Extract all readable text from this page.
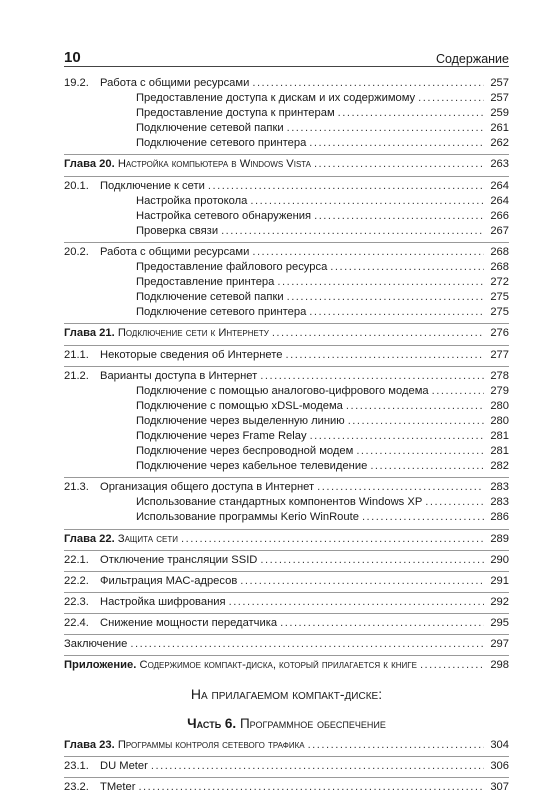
10	Содержание
19.2. Работа с общими ресурсами .....	257
Предоставление доступа к дискам и их содержимому .....	257
Предоставление доступа к принтерам .....	259
Подключение сетевой папки .....	261
Подключение сетевого принтера .....	262
Глава 20. Настройка компьютера в Windows Vista .....	263
20.1. Подключение к сети .....	264
Настройка протокола .....	264
Настройка сетевого обнаружения .....	266
Проверка связи .....	267
20.2. Работа с общими ресурсами .....	268
Предоставление файлового ресурса .....	268
Предоставление принтера .....	272
Подключение сетевой папки .....	275
Подключение сетевого принтера .....	275
Глава 21. Подключение сети к Интернету .....	276
21.1. Некоторые сведения об Интернете .....	277
21.2. Варианты доступа в Интернет .....	278
Подключение с помощью аналогово-цифрового модема .....	279
Подключение с помощью xDSL-модема .....	280
Подключение через выделенную линию .....	280
Подключение через Frame Relay .....	281
Подключение через беспроводной модем .....	281
Подключение через кабельное телевидение .....	282
21.3. Организация общего доступа в Интернет .....	283
Использование стандартных компонентов Windows XP .....	283
Использование программы Kerio WinRoute .....	286
Глава 22. Защита сети .....	289
22.1. Отключение трансляции SSID .....	290
22.2. Фильтрация MAC-адресов .....	291
22.3. Настройка шифрования .....	292
22.4. Снижение мощности передатчика .....	295
Заключение .....	297
Приложение. Содержимое компакт-диска, который прилагается к книге .....	298
На прилагаемом компакт-диске:
Часть 6. Программное обеспечение
Глава 23. Программы контроля сетевого трафика .....	304
23.1. DU Meter .....	306
23.2. TMeter .....	307
